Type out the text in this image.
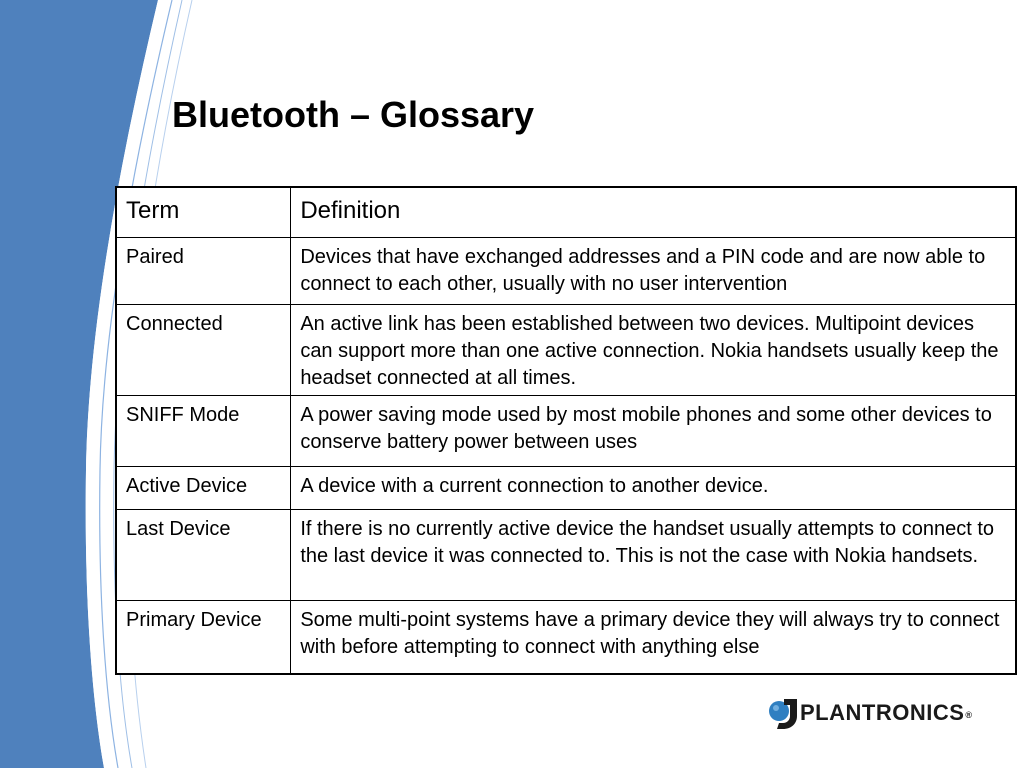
Bluetooth – Glossary
Term	Definition
Paired	Devices that have exchanged addresses and a PIN code and are now able to connect to each other, usually with no user intervention
Connected	An active link has been established between two devices. Multipoint devices can support more than one active connection. Nokia handsets usually keep the headset connected at all times.
SNIFF Mode	A power saving mode used by most mobile phones and some other devices to conserve battery power between uses
Active Device	A device with a current connection to another device.
Last Device	If there is no currently active device the handset usually attempts to connect to the last device it was connected to. This is not the case with Nokia handsets.
Primary Device	Some multi-point systems have a primary device they will always try to connect with before attempting to connect with anything else
PLANTRONICS®
